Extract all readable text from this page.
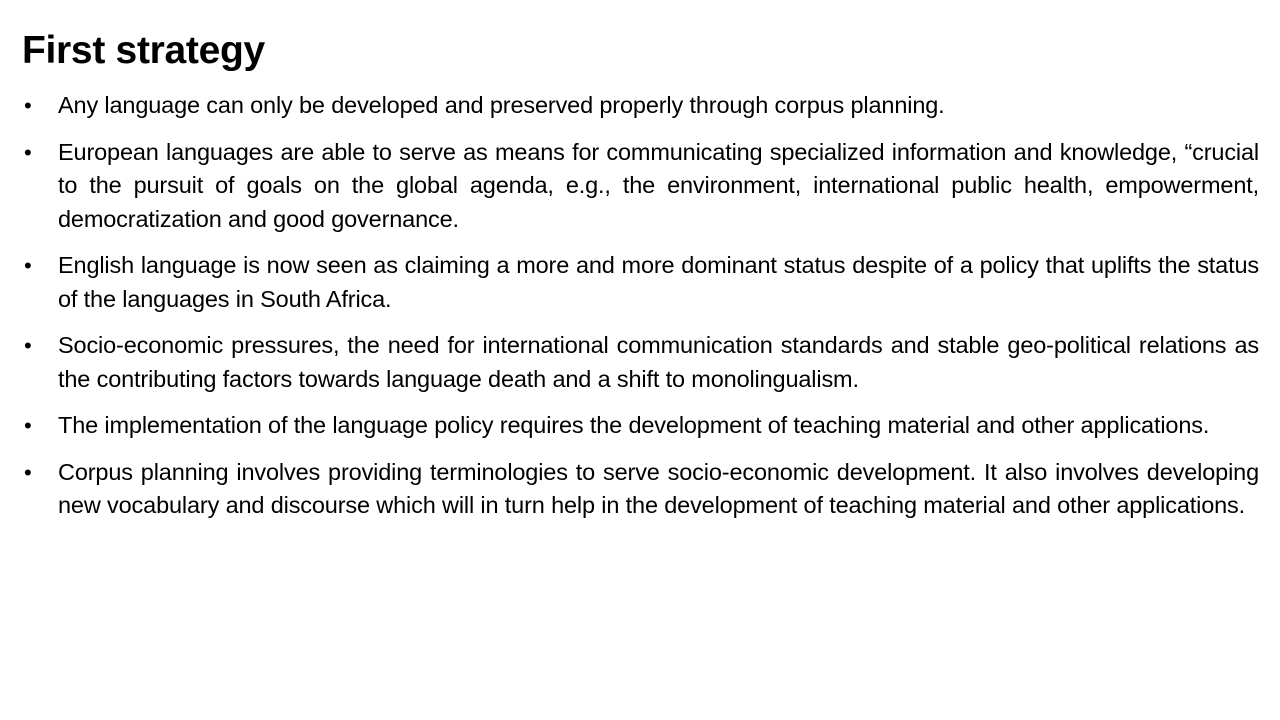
First strategy
• Any language can only be developed and preserved properly through corpus planning.
• European languages are able to serve as means for communicating specialized information and knowledge, “crucial to the pursuit of goals on the global agenda, e.g., the environment, international public health, empowerment, democratization and good governance.
• English language is now seen as claiming a more and more dominant status despite of a policy that uplifts the status of the languages in South Africa.
• Socio-economic pressures, the need for international communication standards and stable geo-political relations as the contributing factors towards language death and a shift to monolingualism.
• The implementation of the language policy requires the development of teaching material and other applications.
• Corpus planning involves providing terminologies to serve socio-economic development. It also involves developing new vocabulary and discourse which will in turn help in the development of teaching material and other applications.
